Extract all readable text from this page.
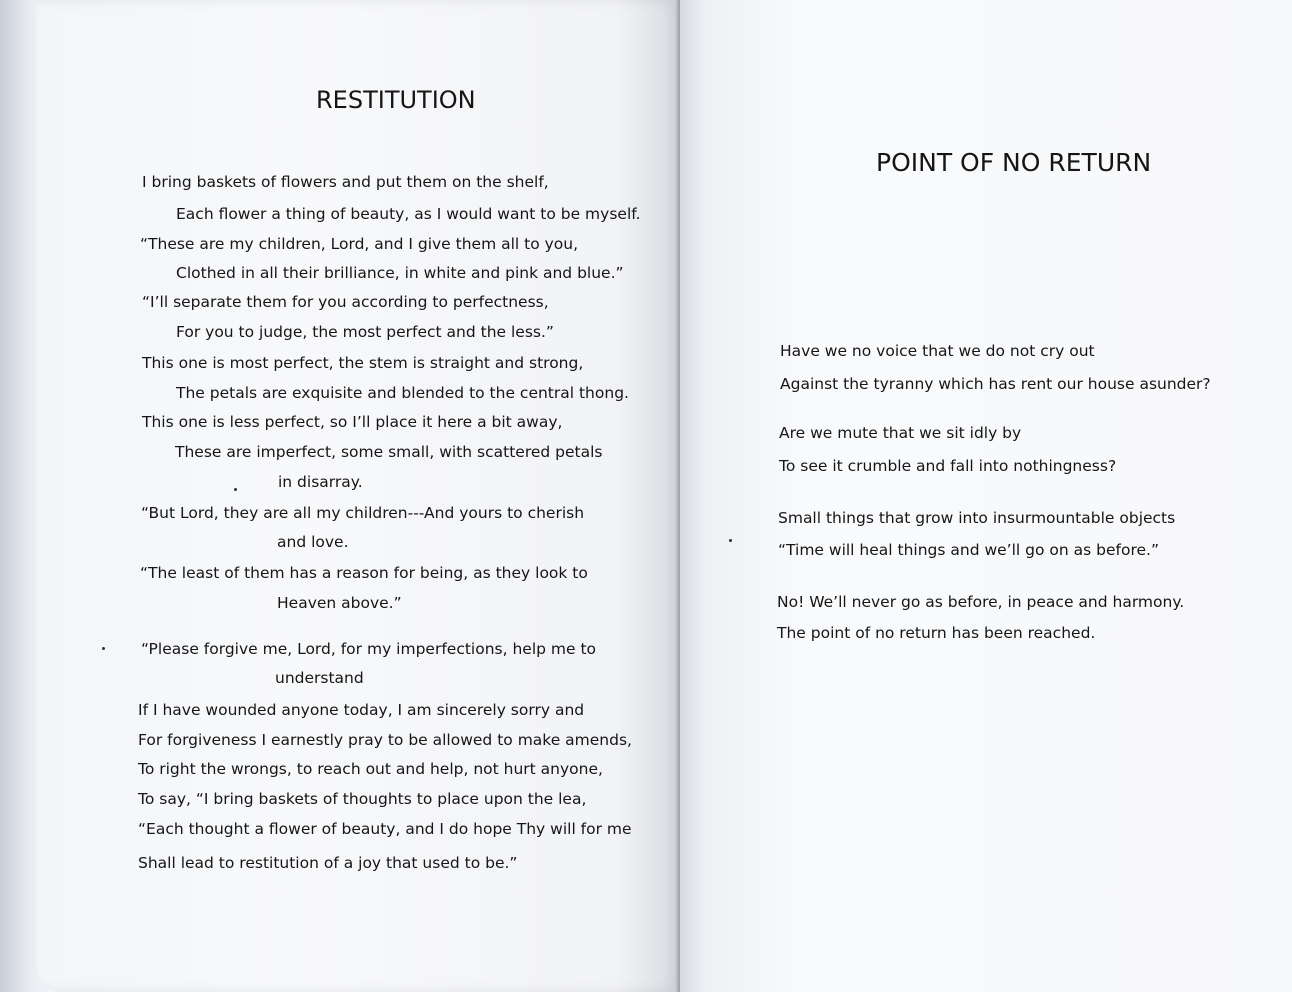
RESTITUTION
I bring baskets of flowers and put them on the shelf,
Each flower a thing of beauty, as I would want to be myself.
“These are my children, Lord, and I give them all to you,
Clothed in all their brilliance, in white and pink and blue.”
“I’ll separate them for you according to perfectness,
For you to judge, the most perfect and the less.”
This one is most perfect, the stem is straight and strong,
The petals are exquisite and blended to the central thong.
This one is less perfect, so I’ll place it here a bit away,
These are imperfect, some small, with scattered petals
in disarray.
“But Lord, they are all my children---And yours to cherish
and love.
“The least of them has a reason for being, as they look to
Heaven above.”
“Please forgive me, Lord, for my imperfections, help me to
understand
If I have wounded anyone today, I am sincerely sorry and
For forgiveness I earnestly pray to be allowed to make amends,
To right the wrongs, to reach out and help, not hurt anyone,
To say, “I bring baskets of thoughts to place upon the lea,
“Each thought a flower of beauty, and I do hope Thy will for me
Shall lead to restitution of a joy that used to be.”
POINT OF NO RETURN
Have we no voice that we do not cry out
Against the tyranny which has rent our house asunder?
Are we mute that we sit idly by
To see it crumble and fall into nothingness?
Small things that grow into insurmountable objects
“Time will heal things and we’ll go on as before.”
No! We’ll never go as before, in peace and harmony.
The point of no return has been reached.
